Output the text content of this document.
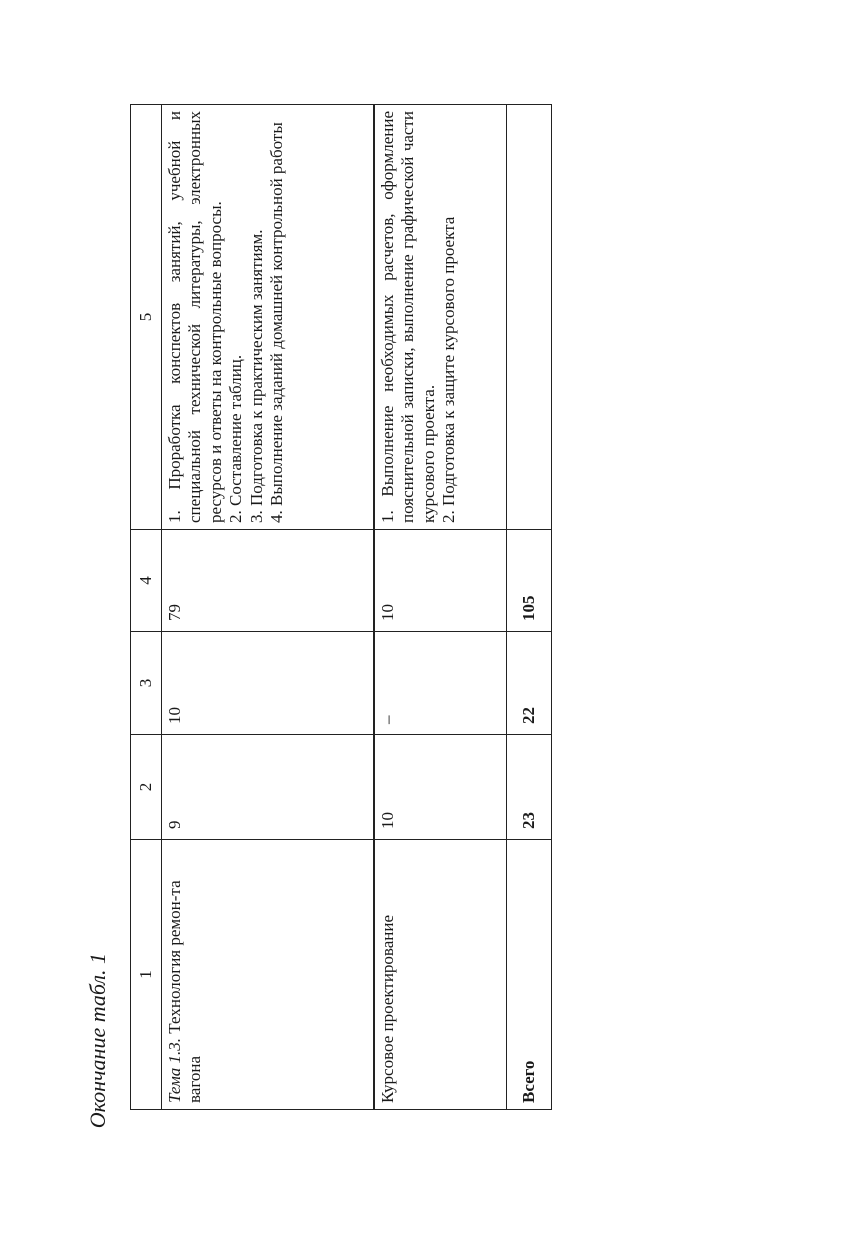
Окончание табл. 1 1	2	3	4	5
Тема 1.3. Технология ремон-та вагона	9	10	79	1. Проработка конспектов занятий, учебной и специальной технической литературы, электронных ресурсов и ответы на контрольные вопросы. 2. Составление таблиц. 3. Подготовка к практическим занятиям. 4. Выполнение заданий домашней контрольной работы

Курсовое проектирование	10	–	10	1. Выполнение необходимых расчетов, оформление пояснительной записки, выполнение графической части курсового проекта. 2. Подготовка к защите курсового проекта

Всего	23	22	105	
